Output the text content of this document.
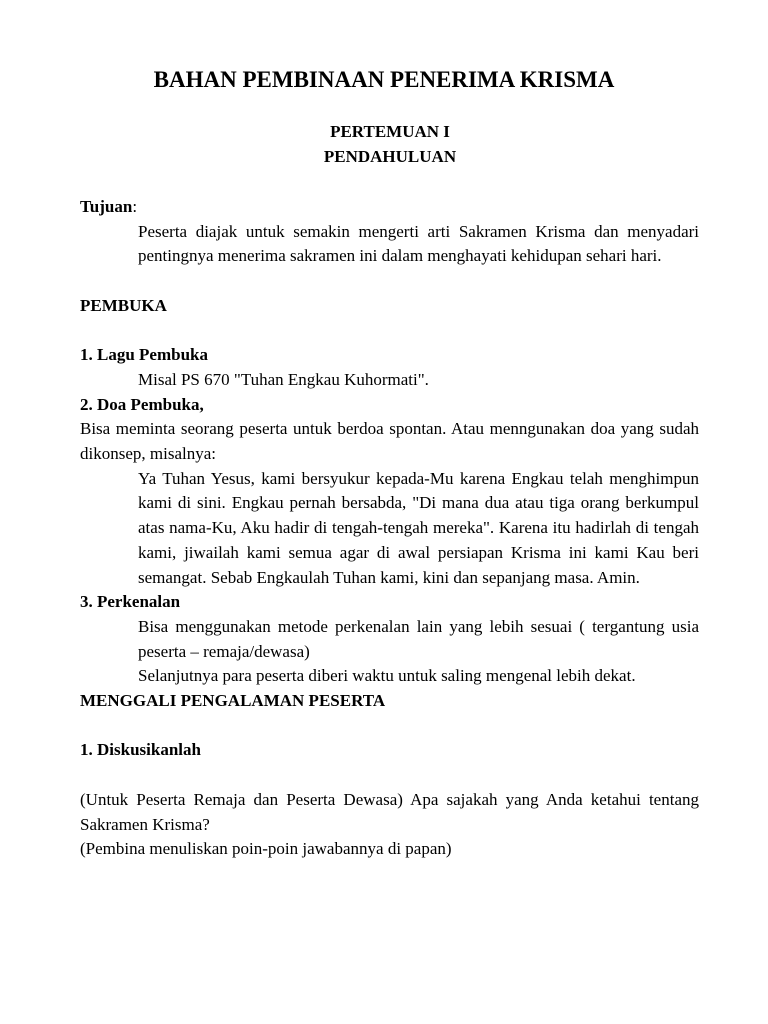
BAHAN PEMBINAAN PENERIMA KRISMA
PERTEMUAN I
PENDAHULUAN

Tujuan:

Peserta diajak untuk semakin mengerti arti Sakramen Krisma dan menyadari pentingnya menerima sakramen ini dalam menghayati kehidupan sehari hari.

PEMBUKA

1. Lagu Pembuka

Misal PS 670 "Tuhan Engkau Kuhormati".

2. Doa Pembuka,

Bisa meminta seorang peserta untuk berdoa spontan. Atau menngunakan doa yang sudah dikonsep, misalnya:

Ya Tuhan Yesus, kami bersyukur kepada-Mu karena Engkau telah menghimpun kami di sini. Engkau pernah bersabda, "Di mana dua atau tiga orang berkumpul atas nama-Ku, Aku hadir di tengah-tengah mereka". Karena itu hadirlah di tengah kami, jiwailah kami semua agar di awal persiapan Krisma ini kami Kau beri semangat. Sebab Engkaulah Tuhan kami, kini dan sepanjang masa. Amin.

3. Perkenalan

Bisa menggunakan metode perkenalan lain yang lebih sesuai ( tergantung usia peserta – remaja/dewasa)

Selanjutnya para peserta diberi waktu untuk saling mengenal lebih dekat.

MENGGALI PENGALAMAN PESERTA

1. Diskusikanlah

(Untuk Peserta Remaja dan Peserta Dewasa) Apa sajakah yang Anda ketahui tentang Sakramen Krisma?

(Pembina menuliskan poin-poin jawabannya di papan)
